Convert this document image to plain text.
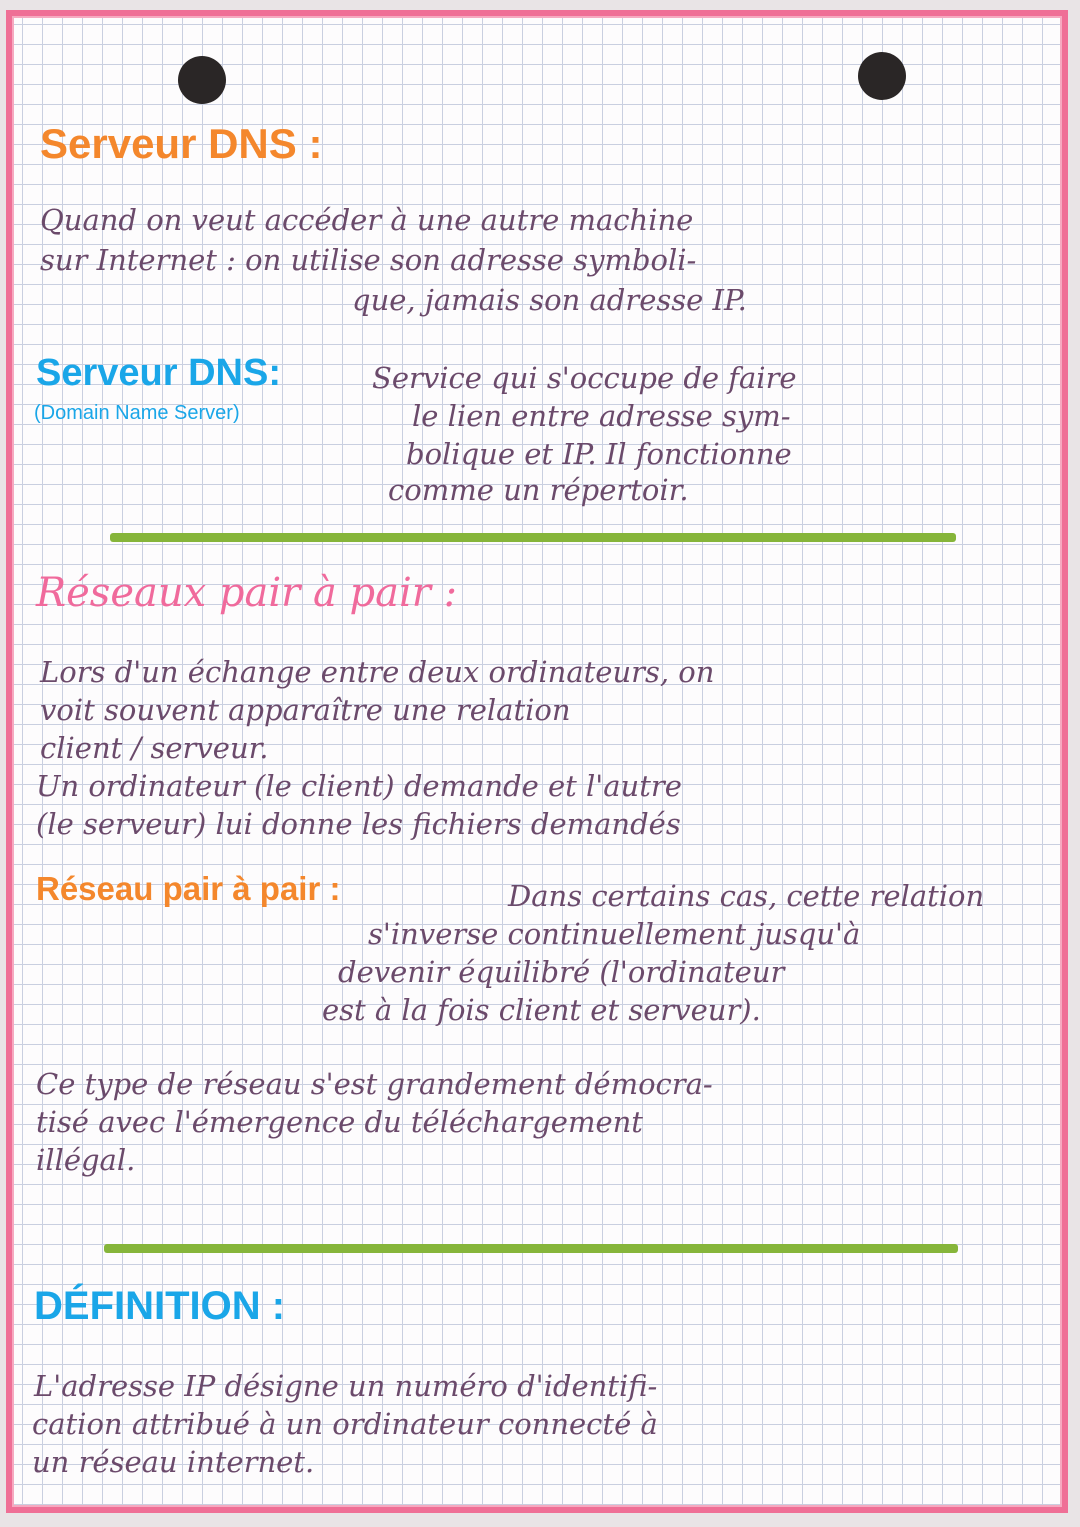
Serveur DNS :

Quand on veut accéder à une autre machine

sur Internet : on utilise son adresse symboli-

que, jamais son adresse IP.

Serveur DNS:

(Domain Name Server)

Service qui s'occupe de faire

le lien entre adresse sym-

bolique et IP. Il fonctionne

comme un répertoir.

Réseaux pair à pair :

Lors d'un échange entre deux ordinateurs, on

voit souvent apparaître une relation

client / serveur.

Un ordinateur (le client) demande et l'autre

(le serveur) lui donne les fichiers demandés

Réseau pair à pair :	Dans certains cas, cette relation

s'inverse continuellement jusqu'à

devenir équilibré (l'ordinateur

est à la fois client et serveur).

Ce type de réseau s'est grandement démocra-

tisé avec l'émergence du téléchargement

illégal.

DÉFINITION :

L'adresse IP désigne un numéro d'identifi-

cation attribué à un ordinateur connecté à

un réseau internet.
